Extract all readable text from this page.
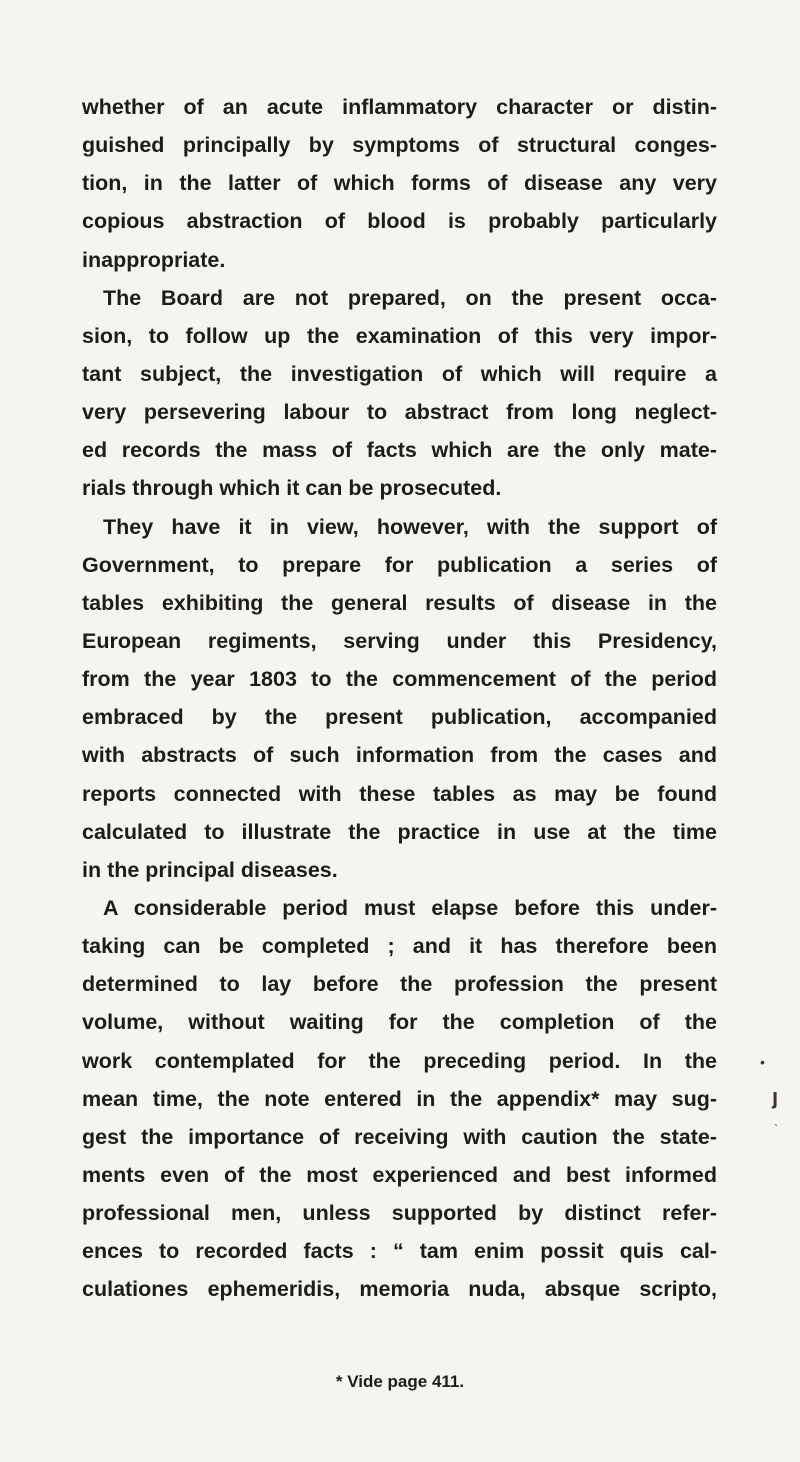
whether of an acute inflammatory character or distin-
guished principally by symptoms of structural conges-
tion, in the latter of which forms of disease any very
copious abstraction of blood is probably particularly
inappropriate.
The Board are not prepared, on the present occa-
sion, to follow up the examination of this very impor-
tant subject, the investigation of which will require a
very persevering labour to abstract from long neglect-
ed records the mass of facts which are the only mate-
rials through which it can be prosecuted.
They have it in view, however, with the support of
Government, to prepare for publication a series of
tables exhibiting the general results of disease in the
European regiments, serving under this Presidency,
from the year 1803 to the commencement of the period
embraced by the present publication, accompanied
with abstracts of such information from the cases and
reports connected with these tables as may be found
calculated to illustrate the practice in use at the time
in the principal diseases.
A considerable period must elapse before this under-
taking can be completed ; and it has therefore been
determined to lay before the profession the present
volume, without waiting for the completion of the
work contemplated for the preceding period. In the
mean time, the note entered in the appendix* may sug-
gest the importance of receiving with caution the state-
ments even of the most experienced and best informed
professional men, unless supported by distinct refer-
ences to recorded facts : “ tam enim possit quis cal-
culationes ephemeridis, memoria nuda, absque scripto,
* Vide page 411.
•
ȷ
ˋ
